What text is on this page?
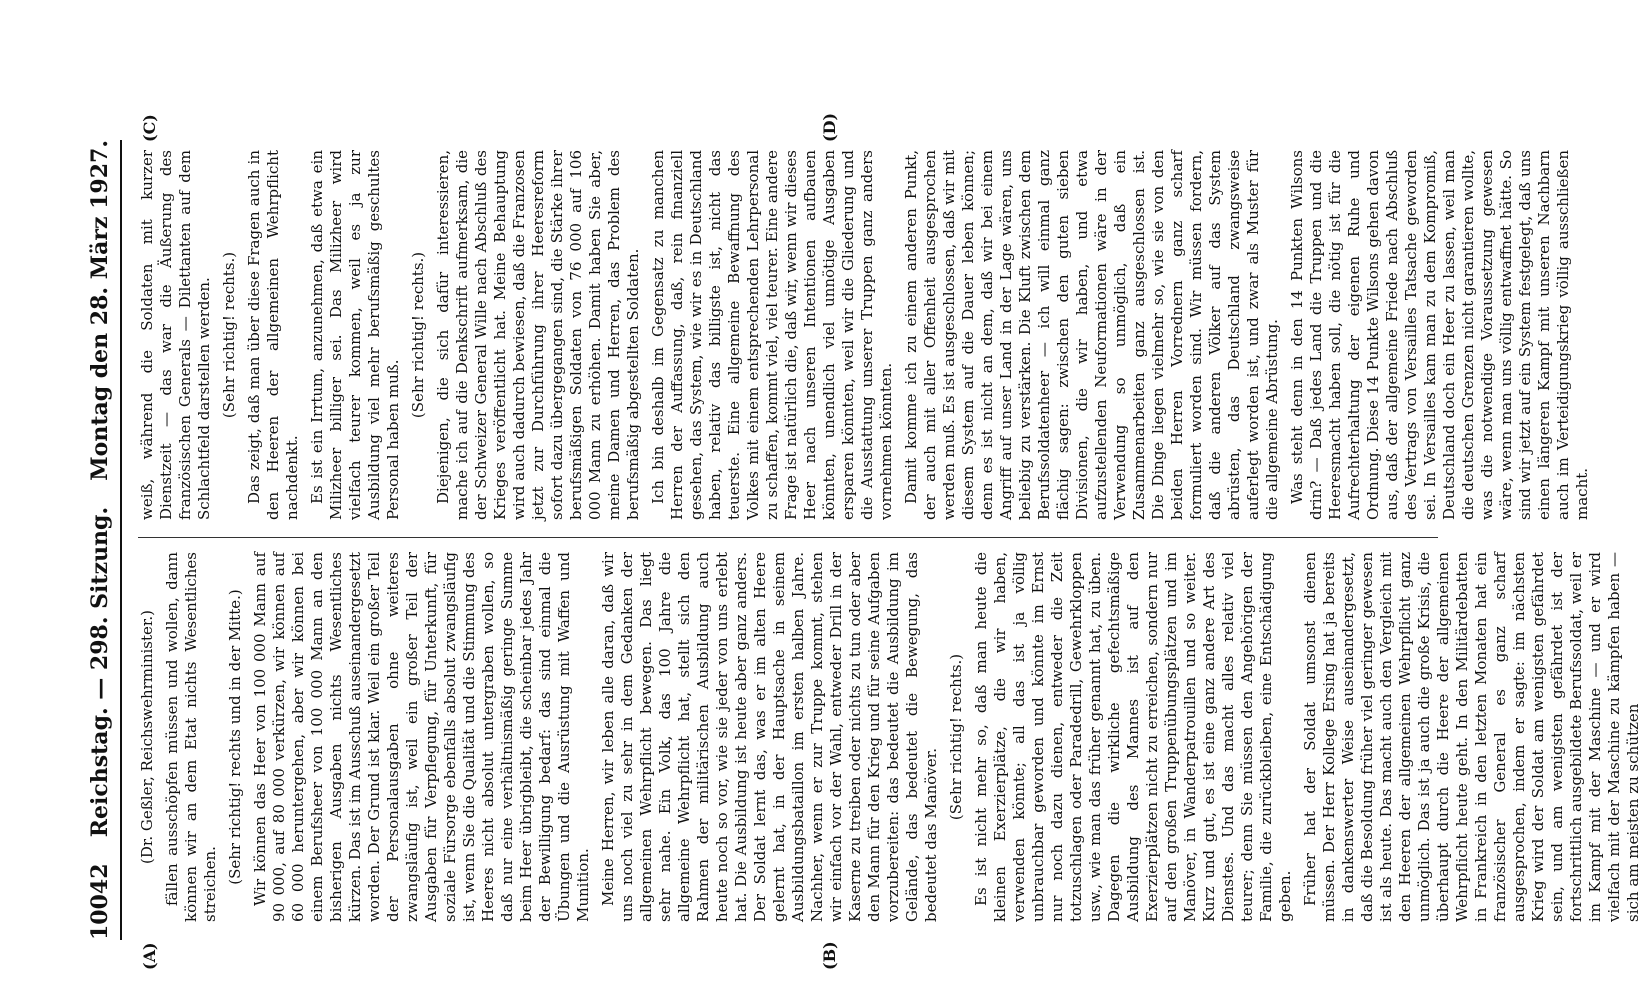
10042
Reichstag. — 298. Sitzung.
Montag den 28. März 1927.
(A)	(B)
(C)	(D)

(Dr. Geßler, Reichswehrminister.) fällen ausschöpfen müssen und wollen, dann können wir an dem Etat nichts Wesentliches streichen. (Sehr richtig! rechts und in der Mitte.) Wir können das Heer von 100 000 Mann auf 90 000, auf 80 000 verkürzen, wir können auf 60 000 heruntergehen, aber wir können bei einem Berufsheer von 100 000 Mann an den bisherigen Ausgaben nichts Wesentliches kürzen. Das ist im Ausschuß auseinandergesetzt worden. Der Grund ist klar. Weil ein großer Teil der Personalausgaben ohne weiteres zwangsläufig ist, weil ein großer Teil der Ausgaben für Verpflegung, für Unterkunft, für soziale Fürsorge ebenfalls absolut zwangsläufig ist, wenn Sie die Qualität und die Stimmung des Heeres nicht absolut untergraben wollen, so daß nur eine verhältnismäßig geringe Summe beim Heer übrigbleibt, die scheinbar jedes Jahr der Bewilligung bedarf: das sind einmal die Übungen und die Ausrüstung mit Waffen und Munition. Meine Herren, wir leben alle daran, daß wir uns noch viel zu sehr in dem Gedanken der allgemeinen Wehrpflicht bewegen. Das liegt sehr nahe. Ein Volk, das 100 Jahre die allgemeine Wehrpflicht hat, stellt sich den Rahmen der militärischen Ausbildung auch heute noch so vor, wie sie jeder von uns erlebt hat. Die Ausbildung ist heute aber ganz anders. Der Soldat lernt das, was er im alten Heere gelernt hat, in der Hauptsache in seinem Ausbildungsbataillon im ersten halben Jahre. Nachher, wenn er zur Truppe kommt, stehen wir einfach vor der Wahl, entweder Drill in der Kaserne zu treiben oder nichts zu tun oder aber den Mann für den Krieg und für seine Aufgaben vorzubereiten: das bedeutet die Ausbildung im Gelände, das bedeutet die Bewegung, das bedeutet das Manöver.

(Sehr richtig! rechts.) Es ist nicht mehr so, daß man heute die kleinen Exerzierplätze, die wir haben, verwenden könnte; all das ist ja völlig unbrauchbar geworden und könnte im Ernst nur noch dazu dienen, entweder die Zeit totzuschlagen oder Paradedrill, Gewehrkloppen usw., wie man das früher genannt hat, zu üben. Dagegen die wirkliche gefechtsmäßige Ausbildung des Mannes ist auf den Exerzierplätzen nicht zu erreichen, sondern nur auf den großen Truppenübungsplätzen und im Manöver, in Wanderpatrouillen und so weiter. Kurz und gut, es ist eine ganz andere Art des Dienstes. Und das macht alles relativ viel teurer; denn Sie müssen den Angehörigen der Familie, die zurückbleiben, eine Entschädigung geben. Früher hat der Soldat umsonst dienen müssen. Der Herr Kollege Ersing hat ja bereits in dankenswerter Weise auseinandergesetzt, daß die Besoldung früher viel geringer gewesen ist als heute. Das macht auch den Vergleich mit den Heeren der allgemeinen Wehrpflicht ganz unmöglich. Das ist ja auch die große Krisis, die überhaupt durch die Heere der allgemeinen Wehrpflicht heute geht. In den Militärdebatten in Frankreich in den letzten Monaten hat ein französischer General es ganz scharf ausgesprochen, indem er sagte: im nächsten Krieg wird der Soldat am wenigsten gefährdet sein, und am wenigsten gefährdet ist der fortschrittlich ausgebildete Berufssoldat, weil er im Kampf mit der Maschine — und er wird vielfach mit der Maschine zu kämpfen haben — sich am meisten zu schützen

weiß, während die Soldaten mit kurzer Dienstzeit — das war die Äußerung des französischen Generals — Dilettanten auf dem Schlachtfeld darstellen werden. (Sehr richtig! rechts.) Das zeigt, daß man über diese Fragen auch in den Heeren der allgemeinen Wehrpflicht nachdenkt. Es ist ein Irrtum, anzunehmen, daß etwa ein Milizheer billiger sei. Das Milizheer wird vielfach teurer kommen, weil es ja zur Ausbildung viel mehr berufsmäßig geschultes Personal haben muß.

(Sehr richtig! rechts.) Diejenigen, die sich dafür interessieren, mache ich auf die Denkschrift aufmerksam, die der Schweizer General Wille nach Abschluß des Krieges veröffentlicht hat. Meine Behauptung wird auch dadurch bewiesen, daß die Franzosen jetzt zur Durchführung ihrer Heeresreform sofort dazu übergegangen sind, die Stärke ihrer berufsmäßigen Soldaten von 76 000 auf 106 000 Mann zu erhöhen. Damit haben Sie aber, meine Damen und Herren, das Problem des berufsmäßig abgestellten Soldaten. Ich bin deshalb im Gegensatz zu manchen Herren der Auffassung, daß, rein finanziell gesehen, das System, wie wir es in Deutschland haben, relativ das billigste ist, nicht das teuerste. Eine allgemeine Bewaffnung des Volkes mit einem entsprechenden Lehrpersonal zu schaffen, kommt viel, viel teurer. Eine andere Frage ist natürlich die, daß wir, wenn wir dieses Heer nach unseren Intentionen aufbauen könnten, unendlich viel unnötige Ausgaben ersparen könnten, weil wir die Gliederung und die Ausstattung unserer Truppen ganz anders vornehmen könnten. Damit komme ich zu einem anderen Punkt, der auch mit aller Offenheit ausgesprochen werden muß. Es ist ausgeschlossen, daß wir mit diesem System auf die Dauer leben können; denn es ist nicht an dem, daß wir bei einem Angriff auf unser Land in der Lage wären, uns beliebig zu verstärken. Die Kluft zwischen dem Berufssoldatenheer — ich will einmal ganz flächig sagen: zwischen den guten sieben Divisionen, die wir haben, und etwa aufzustellenden Neuformationen wäre in der Verwendung so unmöglich, daß ein Zusammenarbeiten ganz ausgeschlossen ist. Die Dinge liegen vielmehr so, wie sie von den beiden Herren Vorrednern ganz scharf formuliert worden sind. Wir müssen fordern, daß die anderen Völker auf das System abrüsten, das Deutschland zwangsweise auferlegt worden ist, und zwar als Muster für die allgemeine Abrüstung. Was steht denn in den 14 Punkten Wilsons drin? — Daß jedes Land die Truppen und die Heeresmacht haben soll, die nötig ist für die Aufrechterhaltung der eigenen Ruhe und Ordnung. Diese 14 Punkte Wilsons gehen davon aus, daß der allgemeine Friede nach Abschluß des Vertrags von Versailles Tatsache geworden sei. In Versailles kam man zu dem Kompromiß, Deutschland doch ein Heer zu lassen, weil man die deutschen Grenzen nicht garantieren wollte, was die notwendige Voraussetzung gewesen wäre, wenn man uns völlig entwaffnet hätte. So sind wir jetzt auf ein System festgelegt, daß uns einen längeren Kampf mit unseren Nachbarn auch im Verteidigungskrieg völlig ausschließen macht.
